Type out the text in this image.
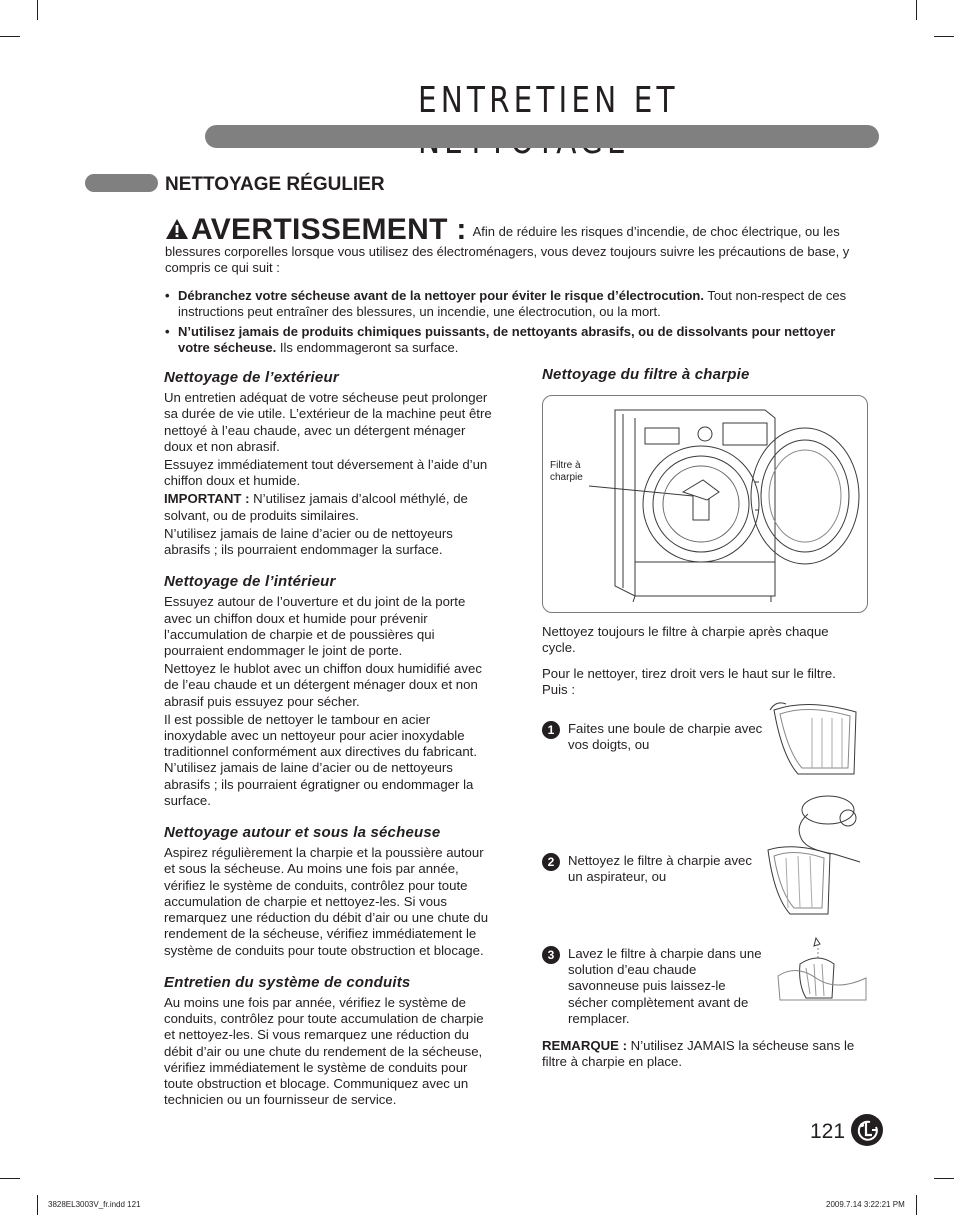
ENTRETIEN ET
NETTOYAGE RÉGULIER
AVERTISSEMENT : Afin de réduire les risques d’incendie, de choc électrique, ou les blessures corporelles lorsque vous utilisez des électroménagers, vous devez toujours suivre les précautions de base, y compris ce qui suit :
• Débranchez votre sécheuse avant de la nettoyer pour éviter le risque d’électrocution. Tout non-respect de ces instructions peut entraîner des blessures, un incendie, une électrocution, ou la mort.
• N’utilisez jamais de produits chimiques puissants, de nettoyants abrasifs, ou de dissolvants pour nettoyer votre sécheuse. Ils endommageront sa surface.
Nettoyage de l’extérieur

Un entretien adéquat de votre sécheuse peut prolonger sa durée de vie utile. L’extérieur de la machine peut être nettoyé à l’eau chaude, avec un détergent ménager doux et non abrasif.

Essuyez immédiatement tout déversement à l’aide d’un chiffon doux et humide.

IMPORTANT : N’utilisez jamais d’alcool méthylé, de solvant, ou de produits similaires.

N’utilisez jamais de laine d’acier ou de nettoyeurs abrasifs ; ils pourraient endommager la surface.

Nettoyage de l’intérieur

Essuyez autour de l’ouverture et du joint de la porte avec un chiffon doux et humide pour prévenir l’accumulation de charpie et de poussières qui pourraient endommager le joint de porte.

Nettoyez le hublot avec un chiffon doux humidifié avec de l’eau chaude et un détergent ménager doux et non abrasif puis essuyez pour sécher.

Il est possible de nettoyer le tambour en acier inoxydable avec un nettoyeur pour acier inoxydable traditionnel conformément aux directives du fabricant. N’utilisez jamais de laine d’acier ou de nettoyeurs abrasifs ; ils pourraient égratigner ou endommager la surface.

Nettoyage autour et sous la sécheuse

Aspirez régulièrement la charpie et la poussière autour et sous la sécheuse. Au moins une fois par année, vérifiez le système de conduits, contrôlez pour toute accumulation de charpie et nettoyez-les. Si vous remarquez une réduction du débit d’air ou une chute du rendement de la sécheuse, vérifiez immédiatement le système de conduits pour toute obstruction et blocage.

Entretien du système de conduits

Au moins une fois par année, vérifiez le système de conduits, contrôlez pour toute accumulation de charpie et nettoyez-les. Si vous remarquez une réduction du débit d’air ou une chute du rendement de la sécheuse, vérifiez immédiatement le système de conduits pour toute obstruction et blocage. Communiquez avec un technicien ou un fournisseur de service.

Nettoyage du filtre à charpie
Filtre à charpie
Nettoyez toujours le filtre à charpie après chaque cycle.
Pour le nettoyer, tirez droit vers le haut sur le filtre. Puis :
1	Faites une boule de charpie avec vos doigts, ou
2	Nettoyez le filtre à charpie avec un aspirateur, ou
3	Lavez le filtre à charpie dans une solution d’eau chaude savonneuse puis laissez-le sécher complètement avant de remplacer.
REMARQUE : N’utilisez JAMAIS la sécheuse sans le filtre à charpie en place.
121
3828EL3003V_fr.indd 121	2009.7.14 3:22:21 PM
